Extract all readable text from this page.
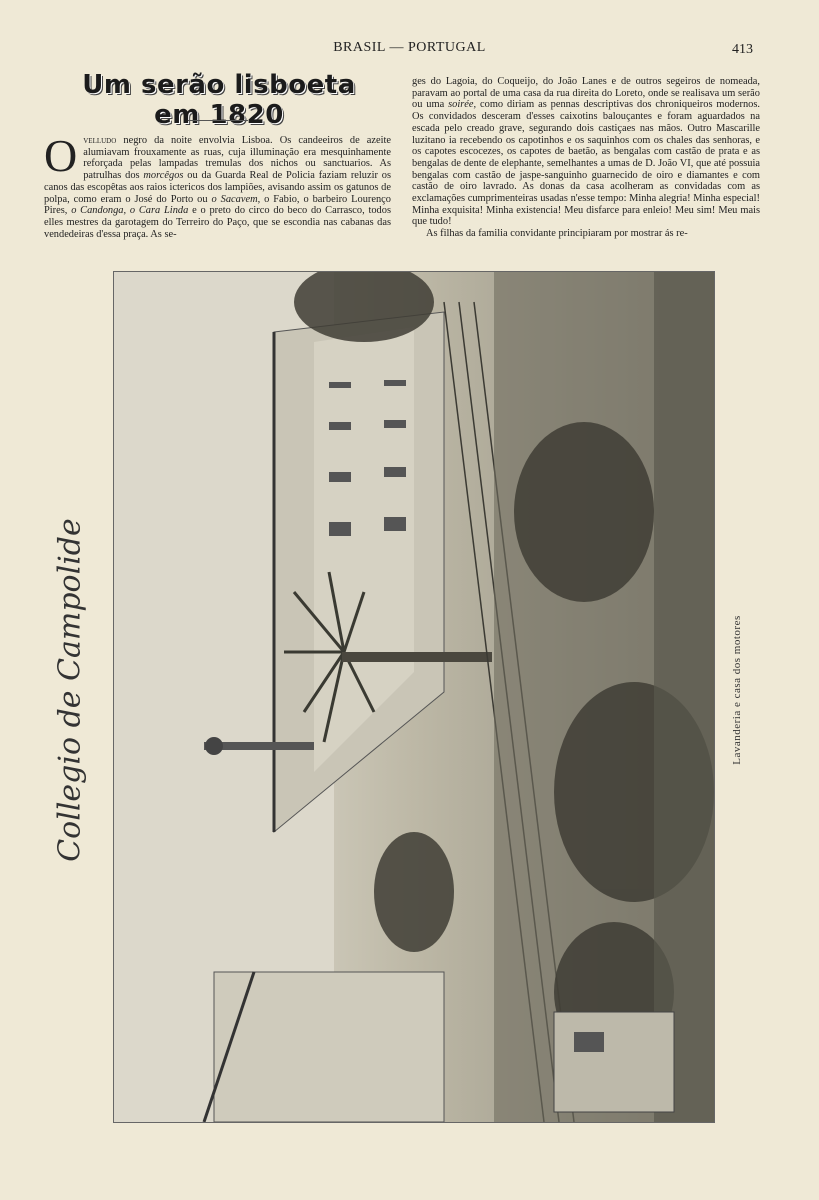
BRASIL — PORTUGAL	413
Um serão lisboeta em 1820
Ovelludo negro da noite envolvia Lisboa. Os candeeiros de azeite alumiavam frouxamente as ruas, cuja illuminação era mesquinhamente reforçada pelas lampadas tremulas dos nichos ou sanctuarios. As patrulhas dos morcêgos ou da Guarda Real de Policia faziam reluzir os canos das escopêtas aos raios ictericos dos lampiões, avisando assim os gatunos de polpa, como eram o José do Porto ou o Sacavem, o Fabio, o barbeiro Lourenço Pires, o Candonga, o Cara Linda e o preto do circo do beco do Carrasco, todos elles mestres da garotagem do Terreiro do Paço, que se escondia nas cabanas das vendedeiras d'essa praça. As se-
ges do Lagoia, do Coqueijo, do João Lanes e de outros segeiros de nomeada, paravam ao portal de uma casa da rua direita do Loreto, onde se realisava um serão ou uma soirée, como diriam as pennas descriptivas dos chroniqueiros modernos. Os convidados desceram d'esses caixotins balouçantes e foram aguardados na escada pelo creado grave, segurando dois castiçaes nas mãos. Outro Mascarille luzitano ia recebendo os capotinhos e os saquinhos com os chales das senhoras, e os capotes escocezes, os capotes de baetão, as bengalas com castão de prata e as bengalas de dente de elephante, semelhantes a umas de D. João VI, que até possuia bengalas com castão de jaspe-sanguinho guarnecido de oiro e diamantes e com castão de oiro lavrado. As donas da casa acolheram as convidadas com as exclamações cumprimenteiras usadas n'esse tempo: Minha alegria! Minha especial! Minha exquisita! Minha existencia! Meu disfarce para enleio! Meu sim! Meu mais que tudo!
As filhas da familia convidante principiaram por mostrar ás re-
Collegio de Campolide	Lavanderia e casa dos motores
